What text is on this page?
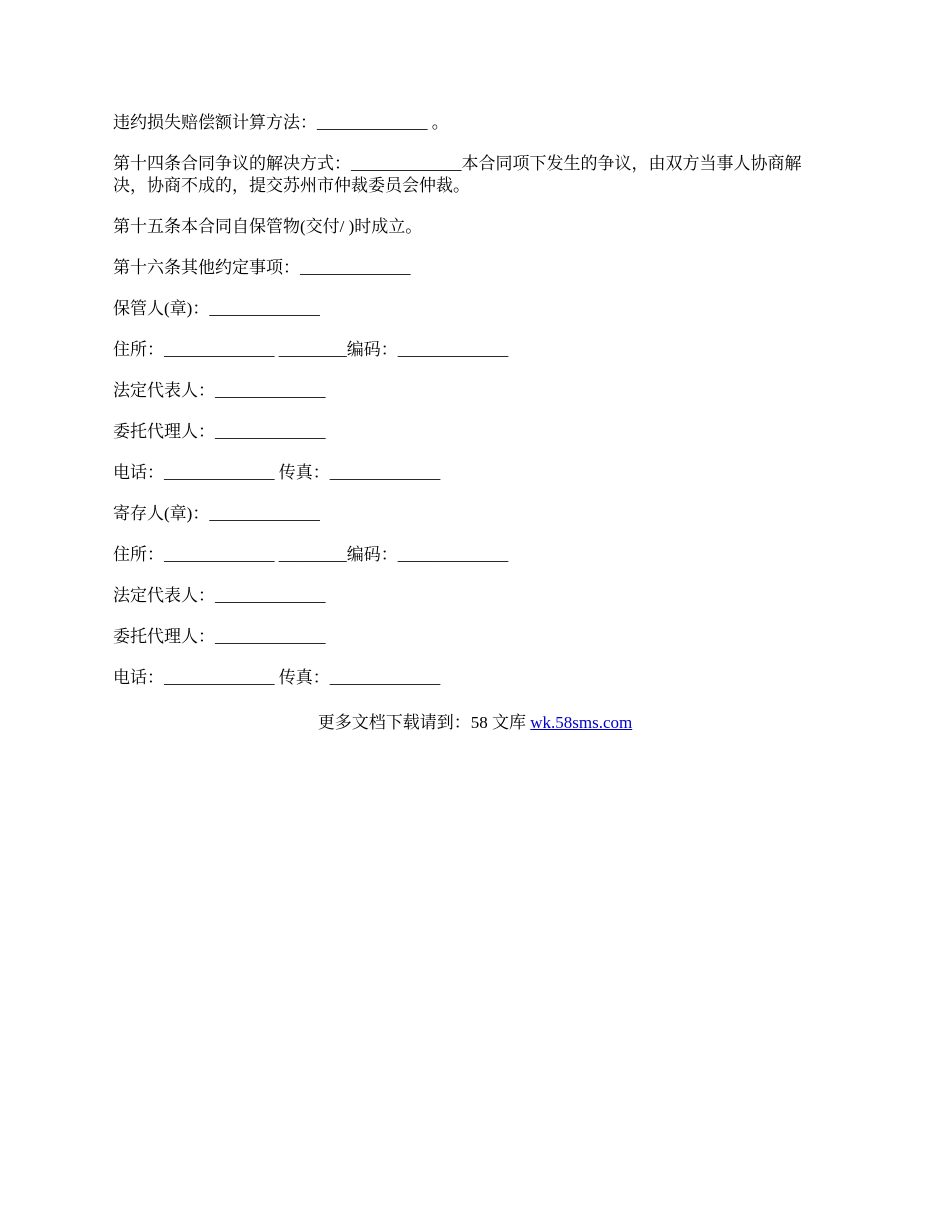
违约损失赔偿额计算方法：_____________ 。

第十四条合同争议的解决方式：_____________本合同项下发生的争议，由双方当事人协商解决，协商不成的，提交苏州市仲裁委员会仲裁。

第十五条本合同自保管物(交付/ )时成立。

第十六条其他约定事项：_____________

保管人(章)：_____________

住所：_____________ ________编码：_____________

法定代表人：_____________

委托代理人：_____________

电话：_____________ 传真：_____________

寄存人(章)：_____________

住所：_____________ ________编码：_____________

法定代表人：_____________

委托代理人：_____________

电话：_____________ 传真：_____________

更多文档下载请到：58 文库 wk.58sms.com
